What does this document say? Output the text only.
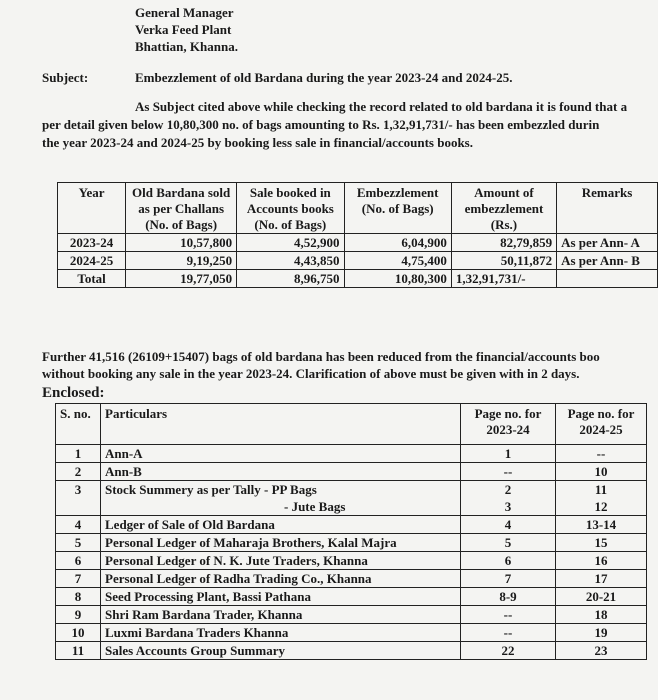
General Manager
Verka Feed Plant
Bhattian, Khanna.
Subject:	Embezzlement of old Bardana during the year 2023-24 and 2024-25.
As Subject cited above while checking the record related to old bardana it is found that a
per detail given below 10,80,300 no. of bags amounting to Rs. 1,32,91,731/- has been embezzled durin
the year 2023-24 and 2024-25 by booking less sale in financial/accounts books.
Year	Old Bardana sold as per Challans (No. of Bags)	Sale booked in Accounts books (No. of Bags)	Embezzlement (No. of Bags)	Amount of embezzlement (Rs.)	Remarks
2023-24	10,57,800	4,52,900	6,04,900	82,79,859	As per Ann- A
2024-25	9,19,250	4,43,850	4,75,400	50,11,872	As per Ann- B
Total	19,77,050	8,96,750	10,80,300	1,32,91,731/-	
Further 41,516 (26109+15407) bags of old bardana has been reduced from the financial/accounts boo
without booking any sale in the year 2023-24. Clarification of above must be given with in 2 days.
Enclosed:
S. no.	Particulars	Page no. for 2023-24	Page no. for 2024-25
1	Ann-A	1	--
2	Ann-B	--	10
3	Stock Summery as per Tally - PP Bags	2	11
	- Jute Bags	3	12
4	Ledger of Sale of Old Bardana	4	13-14
5	Personal Ledger of Maharaja Brothers, Kalal Majra	5	15
6	Personal Ledger of N. K. Jute Traders, Khanna	6	16
7	Personal Ledger of Radha Trading Co., Khanna	7	17
8	Seed Processing Plant, Bassi Pathana	8-9	20-21
9	Shri Ram Bardana Trader, Khanna	--	18
10	Luxmi Bardana Traders Khanna	--	19
11	Sales Accounts Group Summary	22	23
